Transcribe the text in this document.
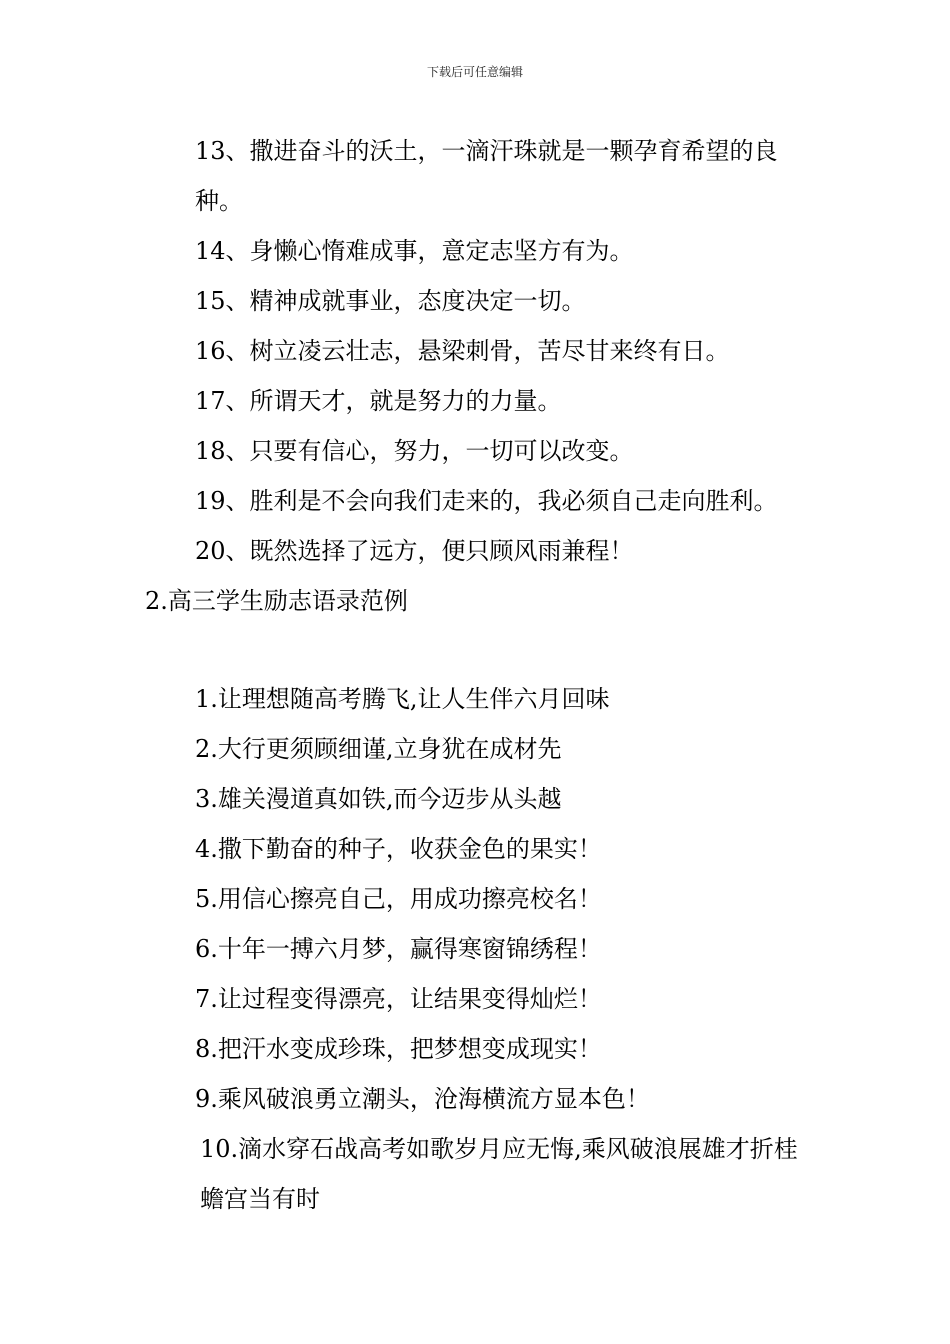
下载后可任意编辑
13、撒进奋斗的沃土，一滴汗珠就是一颗孕育希望的良种。
14、身懒心惰难成事，意定志坚方有为。
15、精神成就事业，态度决定一切。
16、树立凌云壮志，悬梁刺骨，苦尽甘来终有日。
17、所谓天才，就是努力的力量。
18、只要有信心，努力，一切可以改变。
19、胜利是不会向我们走来的，我必须自己走向胜利。
20、既然选择了远方，便只顾风雨兼程！
2.高三学生励志语录范例
1.让理想随高考腾飞,让人生伴六月回味
2.大行更须顾细谨,立身犹在成材先
3.雄关漫道真如铁,而今迈步从头越
4.撒下勤奋的种子，收获金色的果实！
5.用信心擦亮自己，用成功擦亮校名！
6.十年一搏六月梦，赢得寒窗锦绣程！
7.让过程变得漂亮，让结果变得灿烂！
8.把汗水变成珍珠，把梦想变成现实！
9.乘风破浪勇立潮头，沧海横流方显本色！
10.滴水穿石战高考如歌岁月应无悔,乘风破浪展雄才折桂蟾宫当有时
